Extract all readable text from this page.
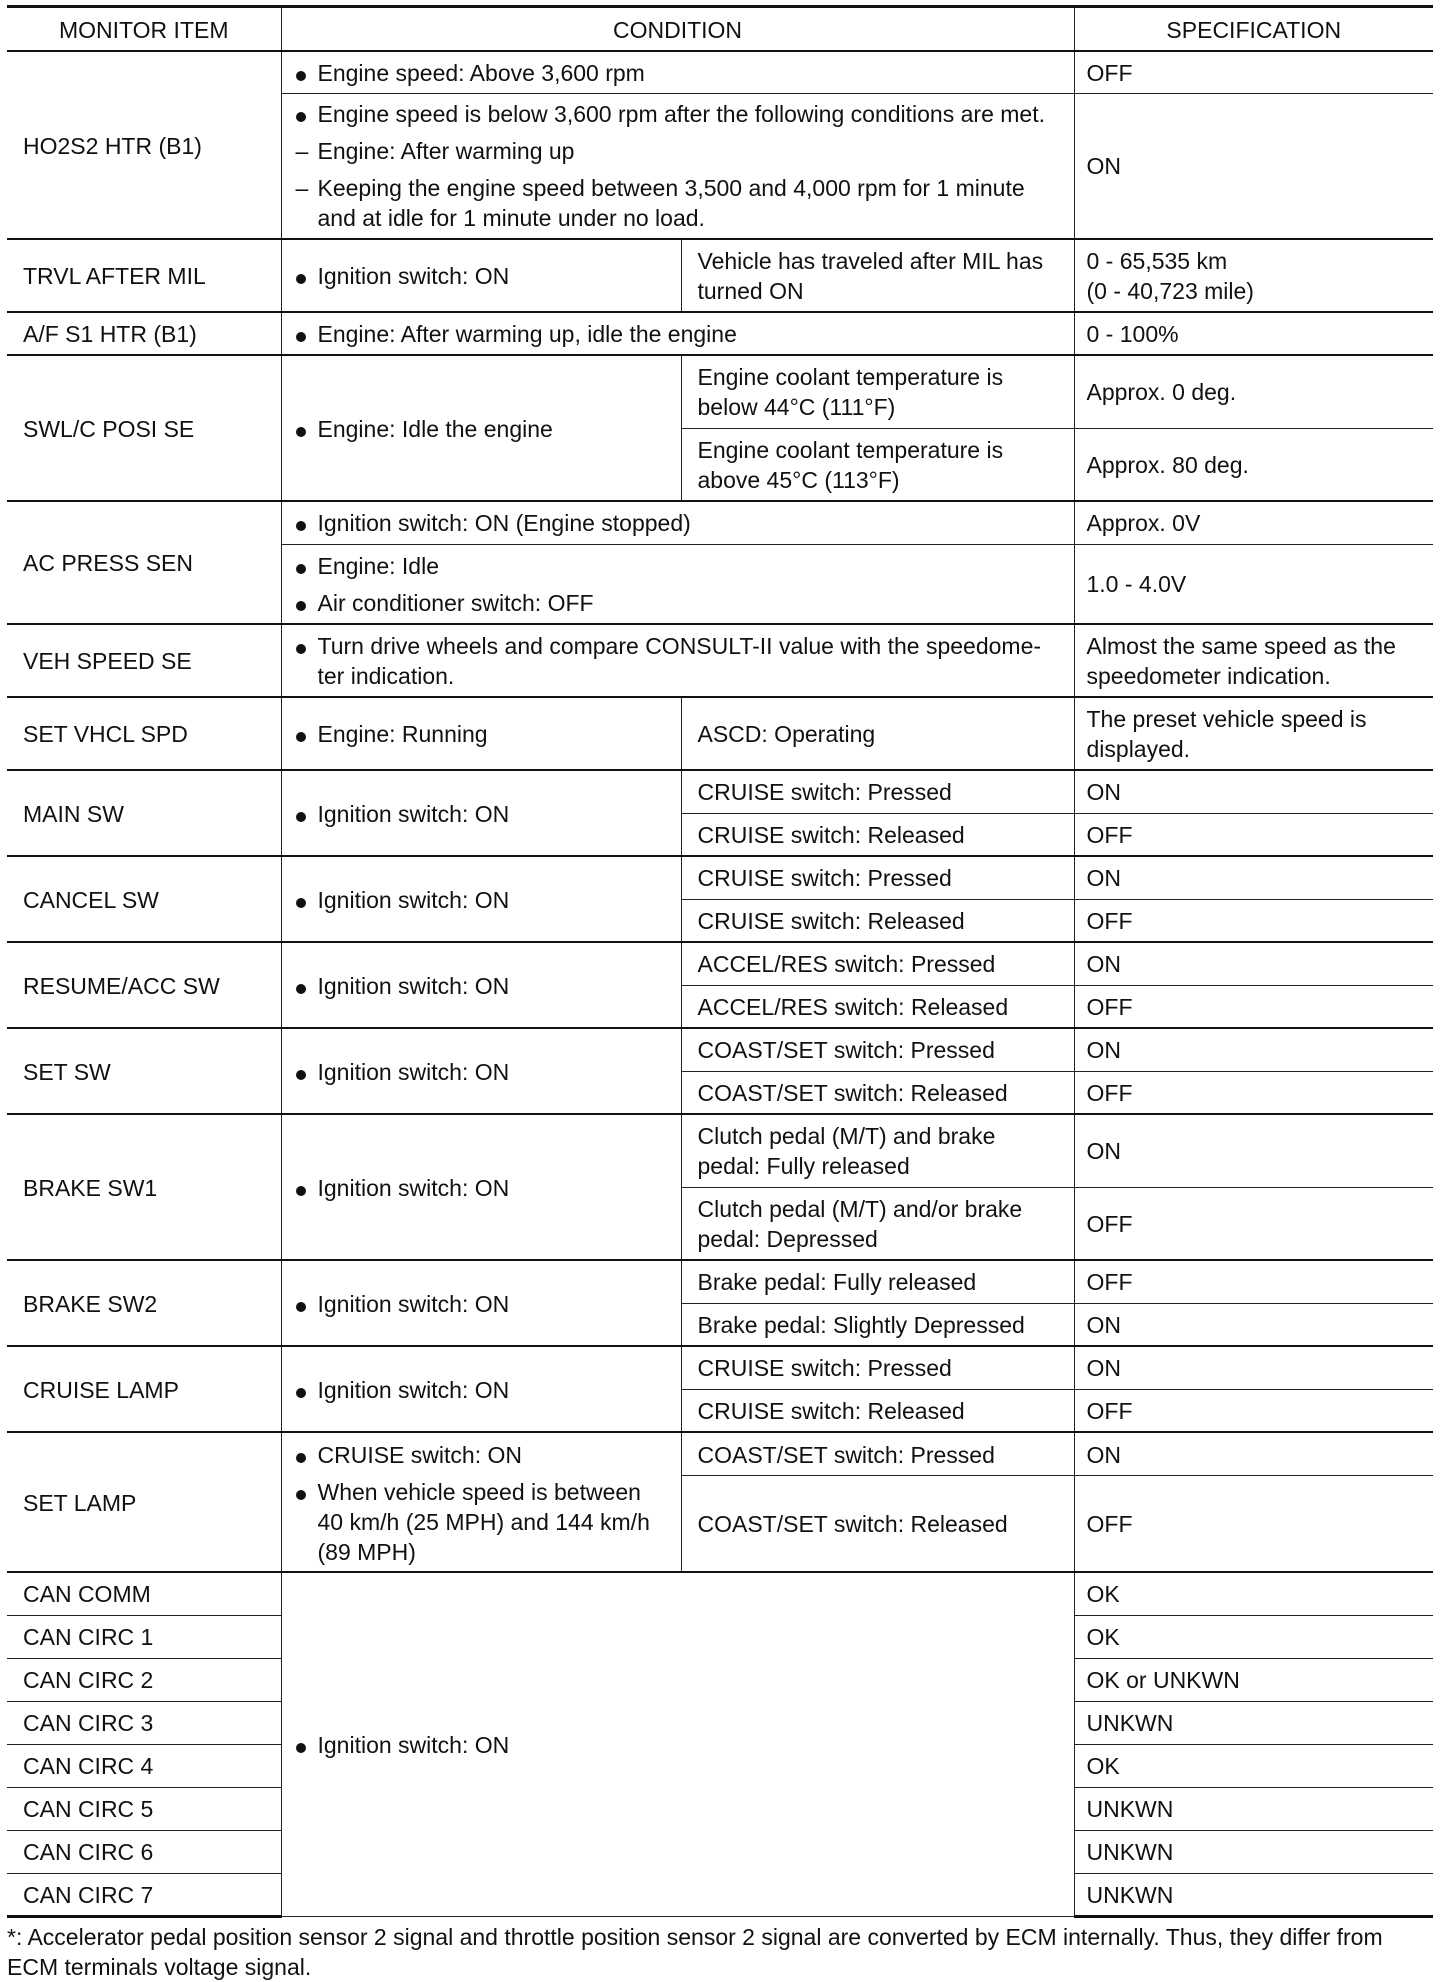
MONITOR ITEM	CONDITION		SPECIFICATION
HO2S2 HTR (B1)	Engine speed: Above 3,600 rpm		OFF

	Engine speed is below 3,600 rpm after the following conditions are met.
– Engine: After warming up
– Keeping the engine speed between 3,500 and 4,000 rpm for 1 minute and at idle for 1 minute under no load.		ON
TRVL AFTER MIL	Ignition switch: ON	Vehicle has traveled after MIL has turned ON	0 - 65,535 km
(0 - 40,723 mile)

A/F S1 HTR (B1)	Engine: After warming up, idle the engine		0 - 100%
SWL/C POSI SE	Engine: Idle the engine	Engine coolant temperature is below 44°C (111°F)	Approx. 0 deg.
		Engine coolant temperature is above 45°C (113°F)	Approx. 80 deg.
AC PRESS SEN	Ignition switch: ON (Engine stopped)		Approx. 0V

	Engine: Idle
Air conditioner switch: OFF		1.0 - 4.0V
VEH SPEED SE	Turn drive wheels and compare CONSULT-II value with the speedome-ter indication.		Almost the same speed as the speedometer indication.
SET VHCL SPD	Engine: Running	ASCD: Operating	The preset vehicle speed is displayed.
MAIN SW	Ignition switch: ON	CRUISE switch: Pressed	ON
		CRUISE switch: Released	OFF
CANCEL SW	Ignition switch: ON	CRUISE switch: Pressed	ON
		CRUISE switch: Released	OFF
RESUME/ACC SW	Ignition switch: ON	ACCEL/RES switch: Pressed	ON
		ACCEL/RES switch: Released	OFF
SET SW	Ignition switch: ON	COAST/SET switch: Pressed	ON
		COAST/SET switch: Released	OFF
BRAKE SW1	Ignition switch: ON	Clutch pedal (M/T) and brake pedal: Fully released	ON
		Clutch pedal (M/T) and/or brake pedal: Depressed	OFF
BRAKE SW2	Ignition switch: ON	Brake pedal: Fully released	OFF
		Brake pedal: Slightly Depressed	ON
CRUISE LAMP	Ignition switch: ON	CRUISE switch: Pressed	ON
		CRUISE switch: Released	OFF
SET LAMP	CRUISE switch: ON
When vehicle speed is between 40 km/h (25 MPH) and 144 km/h (89 MPH)	COAST/SET switch: Pressed	ON
		COAST/SET switch: Released	OFF
CAN COMM	Ignition switch: ON		OK
CAN CIRC 1			OK
CAN CIRC 2			OK or UNKWN
CAN CIRC 3			UNKWN
CAN CIRC 4			OK
CAN CIRC 5			UNKWN
CAN CIRC 6			UNKWN
CAN CIRC 7			UNKWN
*: Accelerator pedal position sensor 2 signal and throttle position sensor 2 signal are converted by ECM internally. Thus, they differ from ECM terminals voltage signal.
